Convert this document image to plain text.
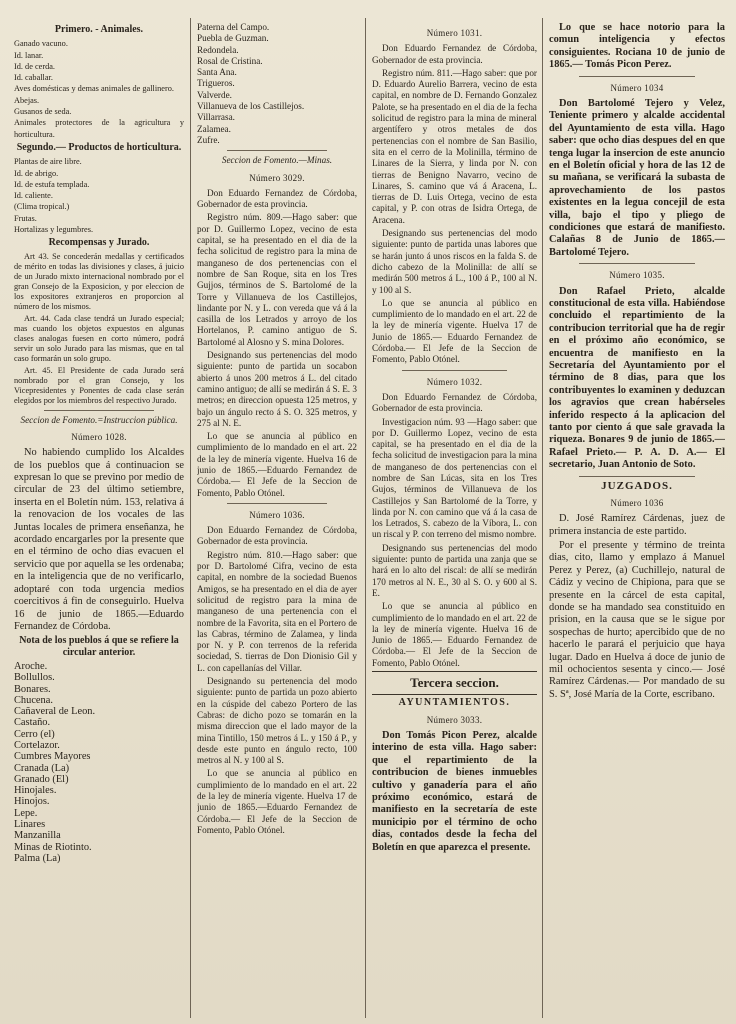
Primero. - Animales.

Ganado vacuno.
Id. lanar.
Id. de cerda.
Id. caballar.
Aves domésticas y demas animales de gallinero.
Abejas.
Gusanos de seda.
Animales protectores de la agricultura y horticultura.

Segundo.— Productos de horticultura.

Plantas de aire libre.
Id. de abrigo.
Id. de estufa templada.
Id. caliente.
(Clima tropical.)
Frutas.
Hortalizas y legumbres.

Recompensas y Jurado.

Art 43. Se concederán medallas y certificados de mérito en todas las divisiones y clases, á juicio de un Jurado mixto internacional nombrado por el gran Consejo de la Exposicion, y por eleccion de los expositores extranjeros en proporcion al número de los mismos.

Art. 44. Cada clase tendrá un Jurado especial; mas cuando los objetos expuestos en algunas clases analogas fuesen en corto número, podrá servir un solo Jurado para las mismas, que en tal caso formarán un solo grupo.

Art. 45. El Presidente de cada Jurado será nombrado por el gran Consejo, y los Vicepresidentes y Ponentes de cada clase serán elegidos por los miembros del respectivo Jurado.

Seccion de Fomento.=Instruccion pública.

Número 1028.

No habiendo cumplido los Alcaldes de los pueblos que á continuacion se expresan lo que se previno por medio de circular de 23 del último setiembre, inserta en el Boletín núm. 153, relativa á la renovacion de los vocales de las Juntas locales de primera enseñanza, he acordado encargarles por la presente que en el término de ocho dias evacuen el servicio que por aquella se les ordenaba; en la inteligencia que de no verificarlo, adoptaré con toda urgencia medios coercitivos á fin de conseguirlo. Huelva 16 de junio de 1865.—Eduardo Fernandez de Córdoba.

Nota de los pueblos á que se refiere la circular anterior.

Aroche.
Bollullos.
Bonares.
Chucena.
Cañaveral de Leon.
Castaño.
Cerro (el)
Cortelazor.
Cumbres Mayores
Cranada (La)
Granado (El)
Hinojales.
Hinojos.
Lepe.
Linares
Manzanilla
Minas de Riotinto.
Palma (La)
Paterna del Campo.
Puebla de Guzman.
Redondela.
Rosal de Cristina.
Santa Ana.
Trigueros.
Valverde.
Villanueva de los Castillejos.
Villarrasa.
Zalamea.
Zufre.

Seccion de Fomento.—Minas.

Número 3029.

Don Eduardo Fernandez de Córdoba, Gobernador de esta provincia.

Registro núm. 809.—Hago saber: que por D. Guillermo Lopez, vecino de esta capital, se ha presentado en el dia de la fecha solicitud de registro para la mina de manganeso de dos pertenencias con el nombre de San Roque, sita en los Tres Gujjos, términos de S. Bartolomé de la Torre y Villanueva de los Castillejos, lindante por N. y L. con vereda que vá á la casilla de los Letrados y arroyo de los Hortelanos, P. camino antiguo de S. Bartolomé al Alosno y S. mina Dolores.

Designando sus pertenencias del modo siguiente: punto de partida un socabon abierto á unos 200 metros á L. del citado camino antiguo; de allí se medirán á S. E. 3 metros; en direccion opuesta 125 metros, y bajo un ángulo recto á S. O. 325 metros, y 275 al N. E.

Lo que se anuncia al público en cumplimiento de lo mandado en el art. 22 de la ley de minería vigente. Huelva 16 de junio de 1865.—Eduardo Fernandez de Córdoba.— El Jefe de la Seccion de Fomento, Pablo Otónel.

Número 1036.

Don Eduardo Fernandez de Córdoba, Gobernador de esta provincia.

Registro núm. 810.—Hago saber: que por D. Bartolomé Cifra, vecino de esta capital, en nombre de la sociedad Buenos Amigos, se ha presentado en el dia de ayer solicitud de registro para la mina de manganeso de una pertenencia con el nombre de la Favorita, sita en el Portero de las Cabras, término de Zalamea, y linda por N. y P. con terrenos de la referida sociedad, S. tierras de Don Dionisio Gil y L. con capellanías del Villar.

Designando su pertenencia del modo siguiente: punto de partida un pozo abierto en la cúspide del cabezo Portero de las Cabras: de dicho pozo se tomarán en la misma direccion que el lado mayor de la mina Tintillo, 150 metros á L. y 150 á P., y desde este punto en ángulo recto, 100 metros al N. y 100 al S.

Lo que se anuncia al público en cumplimiento de lo mandado en el art. 22 de la ley de minería vigente. Huelva 17 de junio de 1865.—Eduardo Fernandez de Córdoba.— El Jefe de la Seccion de Fomento, Pablo Otónel.

Número 1031.

Don Eduardo Fernandez de Córdoba, Gobernador de esta provincia.

Registro núm. 811.—Hago saber: que por D. Eduardo Aurelio Barrera, vecino de esta capital, en nombre de D. Fernando Gonzalez Palote, se ha presentado en el dia de la fecha solicitud de registro para la mina de mineral argentífero y otros metales de dos pertenencias con el nombre de San Basilio, sita en el cerro de la Molinilla, término de Linares de la Sierra, y linda por N. con tierras de Benigno Navarro, vecino de Linares, S. camino que vá á Aracena, L. tierras de D. Luis Ortega, vecino de esta capital, y P. con otras de Isidra Ortega, de Aracena.

Designando sus pertenencias del modo siguiente: punto de partida unas labores que se harán junto á unos riscos en la falda S. de dicho cabezo de la Molinilla: de allí se medirán 500 metros á L., 100 á P., 100 al N. y 100 al S.

Lo que se anuncia al público en cumplimiento de lo mandado en el art. 22 de la ley de minería vigente. Huelva 17 de Junio de 1865.— Eduardo Fernandez de Córdoba.— El Jefe de la Seccion de Fomento, Pablo Otónel.

Número 1032.

Don Eduardo Fernandez de Córdoba, Gobernador de esta provincia.

Investigacion núm. 93 —Hago saber: que por D. Guillermo Lopez, vecino de esta capital, se ha presentado en el dia de la fecha solicitud de investigacion para la mina de manganeso de dos pertenencias con el nombre de San Lúcas, sita en los Tres Gujos, términos de Villanueva de los Castillejos y San Bartolomé de la Torre, y linda por N. con camino que vá á la casa de los Letrados, S. cabezo de la Víbora, L. con un riscal y P. con terreno del mismo nombre.

Designando sus pertenencias del modo siguiente: punto de partida una zanja que se hará en lo alto del riscal: de allí se medirán 170 metros al N. E., 30 al S. O. y 600 al S. E.

Lo que se anuncia al público en cumplimiento de lo mandado en el art. 22 de la ley de minería vigente. Huelva 16 de Junio de 1865.— Eduardo Fernandez de Córdoba.— El Jefe de la Seccion de Fomento, Pablo Otónel.

Tercera seccion.

AYUNTAMIENTOS.

Número 3033.

Don Tomás Picon Perez, alcalde interino de esta villa. Hago saber: que el repartimiento de la contribucion de bienes inmuebles cultivo y ganadería para el año próximo económico, estará de manifiesto en la secretaría de este municipio por el término de ocho dias, contados desde la fecha del Boletín en que aparezca el presente.

Lo que se hace notorio para la comun inteligencia y efectos consiguientes. Rociana 10 de junio de 1865.— Tomás Picon Perez.

Número 1034

Don Bartolomé Tejero y Velez, Teniente primero y alcalde accidental del Ayuntamiento de esta villa. Hago saber: que ocho dias despues del en que tenga lugar la insercion de este anuncio en el Boletín oficial y hora de las 12 de su mañana, se verificará la subasta de aprovechamiento de los pastos existentes en la legua concejil de esta villa, bajo el tipo y pliego de condiciones que estará de manifiesto. Calañas 8 de Junio de 1865.— Bartolomé Tejero.

Número 1035.

Don Rafael Prieto, alcalde constitucional de esta villa. Habiéndose concluido el repartimiento de la contribucion territorial que ha de regir en el próximo año económico, se encuentra de manifiesto en la Secretaría del Ayuntamiento por el término de 8 dias, para que los contribuyentes lo examinen y deduzcan los agravios que crean habérseles inferido respecto á la aplicacion del tanto por ciento á que sale gravada la riqueza. Bonares 9 de junio de 1865.— Rafael Prieto.— P. A. D. A.— El secretario, Juan Antonio de Soto.

JUZGADOS.

Número 1036

D. José Ramírez Cárdenas, juez de primera instancia de este partido.

Por el presente y término de treinta dias, cito, llamo y emplazo á Manuel Perez y Perez, (a) Cuchillejo, natural de Cádiz y vecino de Chipiona, para que se presente en la cárcel de esta capital, donde se ha mandado sea constituido en prision, en la causa que se le sigue por sospechas de hurto; apercibido que de no hacerlo le parará el perjuicio que haya lugar. Dado en Huelva á doce de junio de mil ochocientos sesenta y cinco.— José Ramírez Cárdenas.— Por mandado de su S. Sª, José María de la Corte, escribano.
